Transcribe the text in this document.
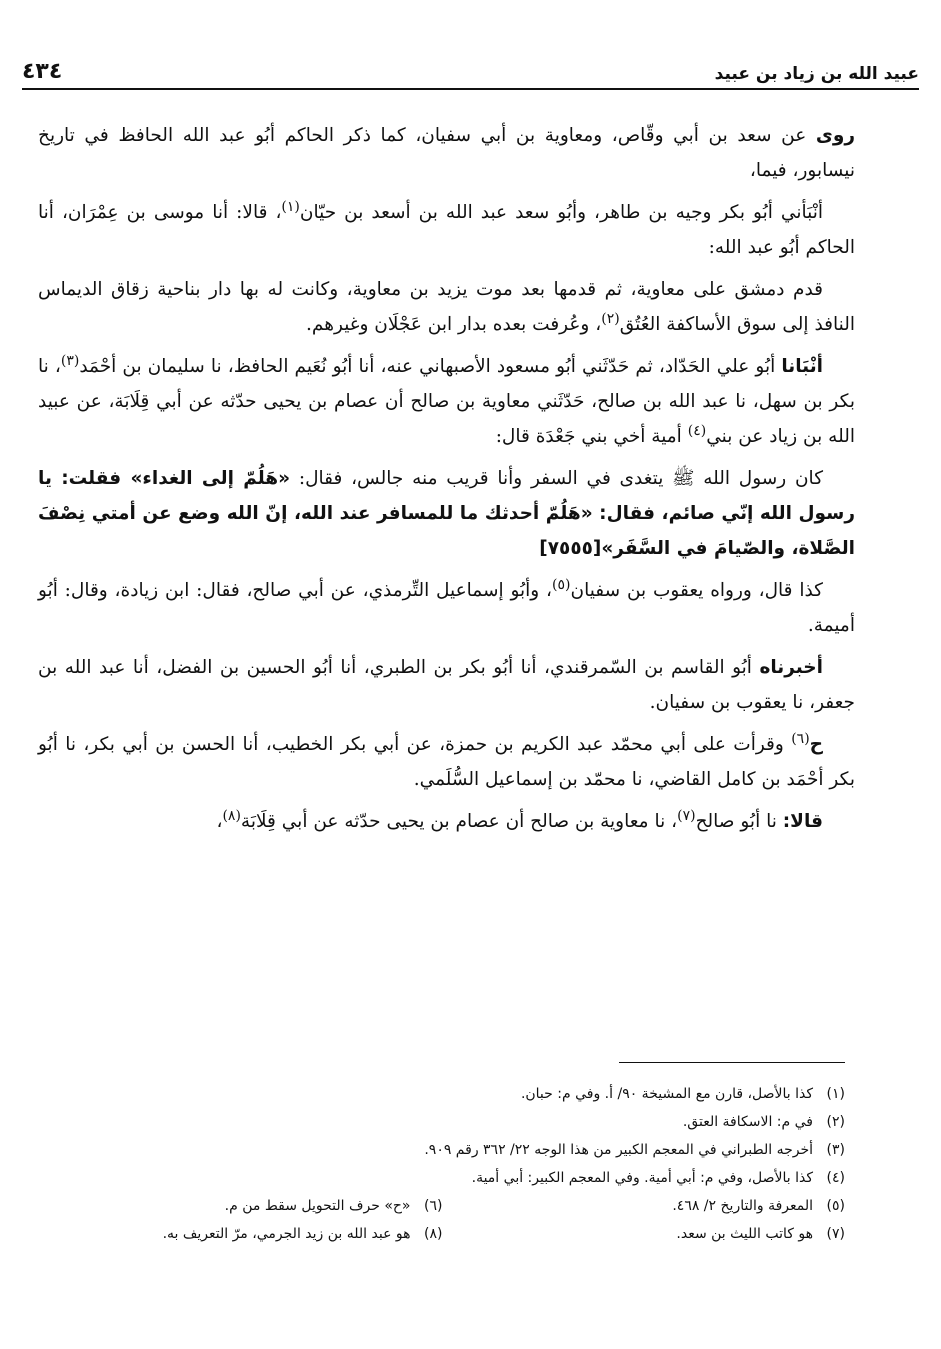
عبيد الله بن زياد بن عبيد
٤٣٤

روى عن سعد بن أبي وقّاص، ومعاوية بن أبي سفيان، كما ذكر الحاكم أبُو عبد الله الحافظ في تاريخ نيسابور، فيما،

أنْبَأني أبُو بكر وجيه بن طاهر، وأبُو سعد عبد الله بن أسعد بن حيّان$^{(١)}$، قالا: أنا موسى بن عِمْرَان، أنا الحاكم أبُو عبد الله:

قدم دمشق على معاوية، ثم قدمها بعد موت يزيد بن معاوية، وكانت له بها دار بناحية زقاق الديماس النافذ إلى سوق الأساكفة العُتُق$^{(٢)}$، وعُرفت بعده بدار ابن عَجْلَان وغيرهم.

أنْبَانا أبُو علي الحَدّاد، ثم حَدّثَني أبُو مسعود الأصبهاني عنه، أنا أبُو نُعَيم الحافظ، نا سليمان بن أحْمَد$^{(٣)}$، نا بكر بن سهل، نا عبد الله بن صالح، حَدّثَني معاوية بن صالح أن عصام بن يحيى حدّثه عن أبي قِلَابَة، عن عبيد الله بن زياد عن بني$^{(٤)}$ أمية أخي بني جَعْدَة قال:

كان رسول الله ﷺ يتغدى في السفر وأنا قريب منه جالس، فقال: «هَلُمّ إلى الغداء» فقلت: يا رسول الله إنّي صائم، فقال: «هَلُمّ أحدثك ما للمسافر عند الله، إنّ الله وضع عن أمتي نِصْفَ الصَّلاة، والصّيامَ في السَّفَر»[٧٥٥٥]

كذا قال، ورواه يعقوب بن سفيان$^{(٥)}$، وأبُو إسماعيل التِّرمذي، عن أبي صالح، فقال: ابن زيادة، وقال: أبُو أميمة.

أخبرناه أبُو القاسم بن السّمرقندي، أنا أبُو بكر بن الطبري، أنا أبُو الحسين بن الفضل، أنا عبد الله بن جعفر، نا يعقوب بن سفيان.

ح$^{(٦)}$ وقرأت على أبي محمّد عبد الكريم بن حمزة، عن أبي بكر الخطيب، أنا الحسن بن أبي بكر، نا أبُو بكر أحْمَد بن كامل القاضي، نا محمّد بن إسماعيل السُّلَمي.

قالا: نا أبُو صالح$^{(٧)}$، نا معاوية بن صالح أن عصام بن يحيى حدّثه عن أبي قِلَابَة$^{(٨)}$،

(١)
كذا بالأصل، قارن مع المشيخة ٩٠/ أ. وفي م: حبان.
(٢)
في م: الاسكافة العتق.
(٣)
أخرجه الطبراني في المعجم الكبير من هذا الوجه ٢٢/ ٣٦٢ رقم ٩٠٩.
(٤)
كذا بالأصل، وفي م: أبي أمية. وفي المعجم الكبير: أبي أمية.
(٥)
المعرفة والتاريخ ٢/ ٤٦٨.
(٦)
«ح» حرف التحويل سقط من م.
(٧)
هو كاتب الليث بن سعد.
(٨)
هو عبد الله بن زيد الجرمي، مرّ التعريف به.
